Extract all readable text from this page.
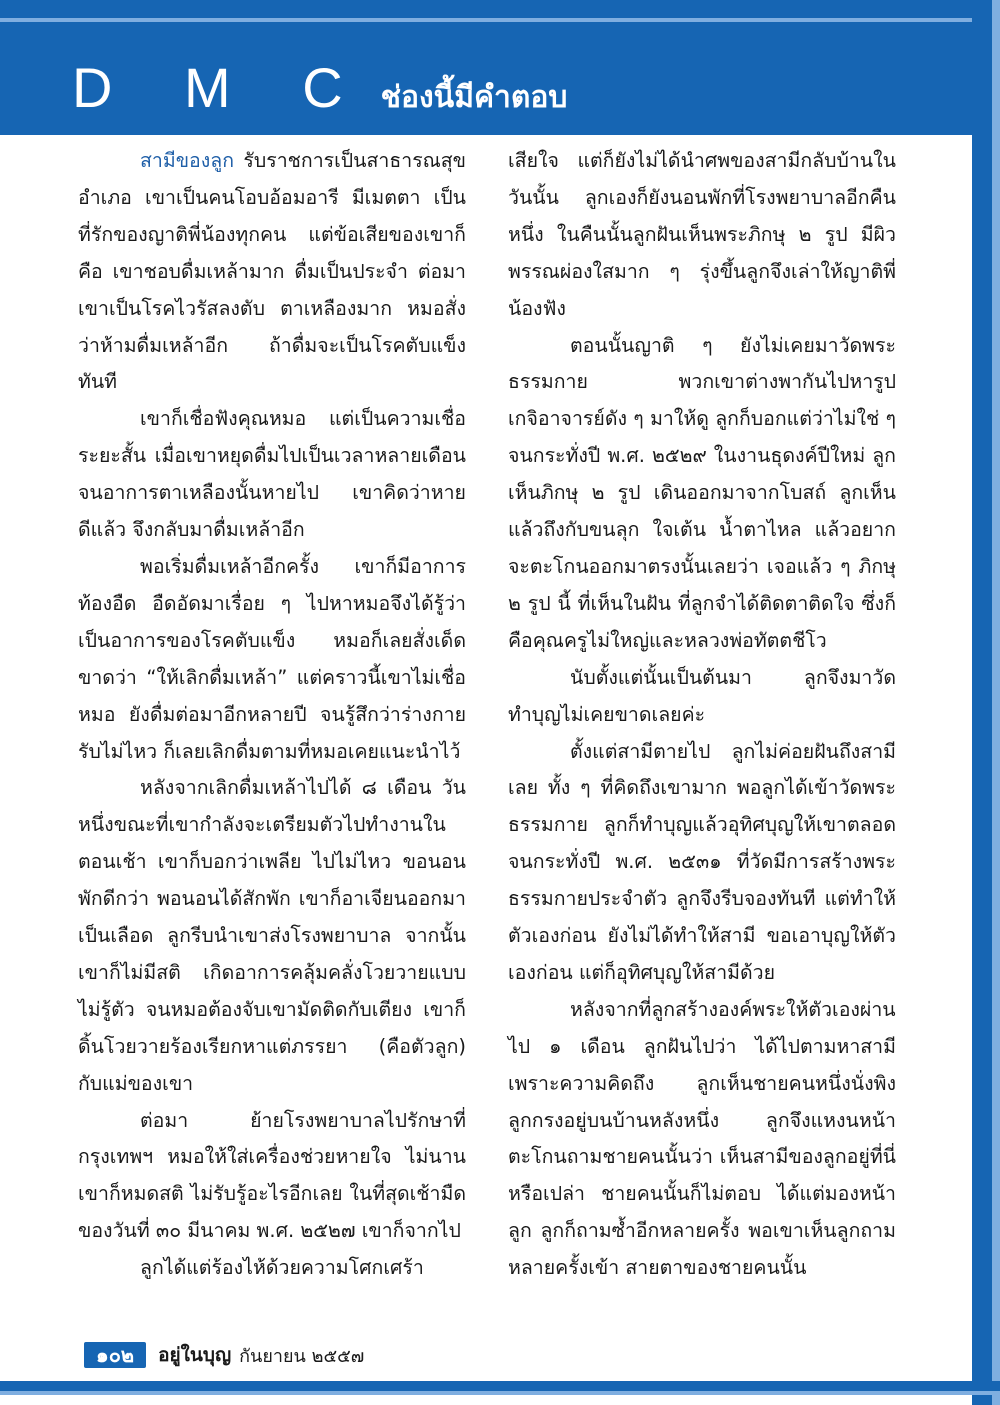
D M C ช่องนี้มีคำตอบ

สามีของลูก รับราชการเป็นสาธารณสุขอำเภอ เขาเป็นคนโอบอ้อมอารี มีเมตตา เป็นที่รักของญาติพี่น้องทุกคน แต่ข้อเสียของเขาก็คือ เขาชอบดื่มเหล้ามาก ดื่มเป็นประจำ ต่อมาเขาเป็นโรคไวรัสลงตับ ตาเหลืองมาก หมอสั่งว่าห้ามดื่มเหล้าอีก ถ้าดื่มจะเป็นโรคตับแข็งทันที

เขาก็เชื่อฟังคุณหมอ แต่เป็นความเชื่อระยะสั้น เมื่อเขาหยุดดื่มไปเป็นเวลาหลายเดือน จนอาการตาเหลืองนั้นหายไป เขาคิดว่าหายดีแล้ว จึงกลับมาดื่มเหล้าอีก

พอเริ่มดื่มเหล้าอีกครั้ง เขาก็มีอาการท้องอืด อืดอัดมาเรื่อย ๆ ไปหาหมอจึงได้รู้ว่าเป็นอาการของโรคตับแข็ง หมอก็เลยสั่งเด็ดขาดว่า “ให้เลิกดื่มเหล้า” แต่คราวนี้เขาไม่เชื่อหมอ ยังดื่มต่อมาอีกหลายปี จนรู้สึกว่าร่างกายรับไม่ไหว ก็เลยเลิกดื่มตามที่หมอเคยแนะนำไว้

หลังจากเลิกดื่มเหล้าไปได้ ๘ เดือน วันหนึ่งขณะที่เขากำลังจะเตรียมตัวไปทำงานในตอนเช้า เขาก็บอกว่าเพลีย ไปไม่ไหว ขอนอนพักดีกว่า พอนอนได้สักพัก เขาก็อาเจียนออกมาเป็นเลือด ลูกรีบนำเขาส่งโรงพยาบาล จากนั้นเขาก็ไม่มีสติ เกิดอาการคลุ้มคลั่งโวยวายแบบไม่รู้ตัว จนหมอต้องจับเขามัดติดกับเตียง เขาก็ดิ้นโวยวายร้องเรียกหาแต่ภรรยา (คือตัวลูก) กับแม่ของเขา

ต่อมา ย้ายโรงพยาบาลไปรักษาที่กรุงเทพฯ หมอให้ใส่เครื่องช่วยหายใจ ไม่นานเขาก็หมดสติ ไม่รับรู้อะไรอีกเลย ในที่สุดเช้ามืดของวันที่ ๓๐ มีนาคม พ.ศ. ๒๕๒๗ เขาก็จากไป

ลูกได้แต่ร้องไห้ด้วยความโศกเศร้า

เสียใจ แต่ก็ยังไม่ได้นำศพของสามีกลับบ้านในวันนั้น ลูกเองก็ยังนอนพักที่โรงพยาบาลอีกคืนหนึ่ง ในคืนนั้นลูกฝันเห็นพระภิกษุ ๒ รูป มีผิวพรรณผ่องใสมาก ๆ รุ่งขึ้นลูกจึงเล่าให้ญาติพี่น้องฟัง

ตอนนั้นญาติ ๆ ยังไม่เคยมาวัดพระธรรมกาย พวกเขาต่างพากันไปหารูปเกจิอาจารย์ดัง ๆ มาให้ดู ลูกก็บอกแต่ว่าไม่ใช่ ๆ จนกระทั่งปี พ.ศ. ๒๕๒๙ ในงานธุดงค์ปีใหม่ ลูกเห็นภิกษุ ๒ รูป เดินออกมาจากโบสถ์ ลูกเห็นแล้วถึงกับขนลุก ใจเต้น น้ำตาไหล แล้วอยากจะตะโกนออกมาตรงนั้นเลยว่า เจอแล้ว ๆ ภิกษุ ๒ รูป นี้ ที่เห็นในฝัน ที่ลูกจำได้ติดตาติดใจ ซึ่งก็คือคุณครูไม่ใหญ่และหลวงพ่อทัตตชีโว

นับตั้งแต่นั้นเป็นต้นมา ลูกจึงมาวัดทำบุญไม่เคยขาดเลยค่ะ

ตั้งแต่สามีตายไป ลูกไม่ค่อยฝันถึงสามีเลย ทั้ง ๆ ที่คิดถึงเขามาก พอลูกได้เข้าวัดพระธรรมกาย ลูกก็ทำบุญแล้วอุทิศบุญให้เขาตลอด จนกระทั่งปี พ.ศ. ๒๕๓๑ ที่วัดมีการสร้างพระธรรมกายประจำตัว ลูกจึงรีบจองทันที แต่ทำให้ตัวเองก่อน ยังไม่ได้ทำให้สามี ขอเอาบุญให้ตัวเองก่อน แต่ก็อุทิศบุญให้สามีด้วย

หลังจากที่ลูกสร้างองค์พระให้ตัวเองผ่านไป ๑ เดือน ลูกฝันไปว่า ได้ไปตามหาสามีเพราะความคิดถึง ลูกเห็นชายคนหนึ่งนั่งพิงลูกกรงอยู่บนบ้านหลังหนึ่ง ลูกจึงแหงนหน้าตะโกนถามชายคนนั้นว่า เห็นสามีของลูกอยู่ที่นี่หรือเปล่า ชายคนนั้นก็ไม่ตอบ ได้แต่มองหน้าลูก ลูกก็ถามซ้ำอีกหลายครั้ง พอเขาเห็นลูกถามหลายครั้งเข้า สายตาของชายคนนั้น

๑๐๒	อยู่ในบุญ กันยายน ๒๕๕๗
